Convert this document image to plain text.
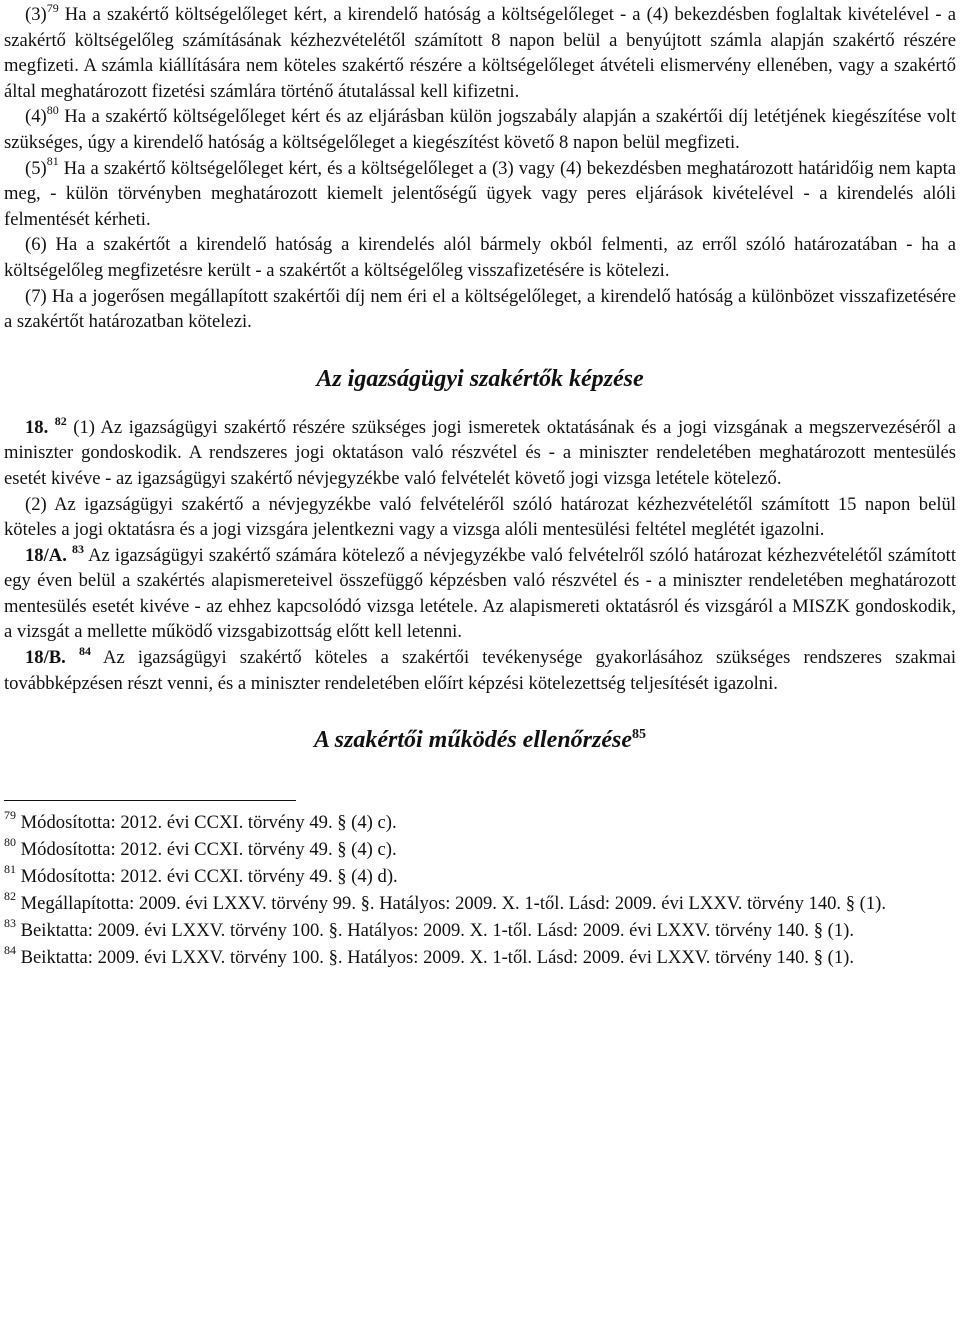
$(3)^{79}$ Ha a szakértő költségelőleget kért, a kirendelő hatóság a költségelőleget - a (4) bekezdésben foglaltak kivételével - a szakértő költségelőleg számításának kézhezvételétől számított 8 napon belül a benyújtott számla alapján szakértő részére megfizeti. A számla kiállítására nem köteles szakértő részére a költségelőleget átvételi elismervény ellenében, vagy a szakértő által meghatározott fizetési számlára történő átutalással kell kifizetni.

$(4)^{80}$ Ha a szakértő költségelőleget kért és az eljárásban külön jogszabály alapján a szakértői díj letétjének kiegészítése volt szükséges, úgy a kirendelő hatóság a költségelőleget a kiegészítést követő 8 napon belül megfizeti.

$(5)^{81}$ Ha a szakértő költségelőleget kért, és a költségelőleget a (3) vagy (4) bekezdésben meghatározott határidőig nem kapta meg, - külön törvényben meghatározott kiemelt jelentőségű ügyek vagy peres eljárások kivételével - a kirendelés alóli felmentését kérheti.

(6) Ha a szakértőt a kirendelő hatóság a kirendelés alól bármely okból felmenti, az erről szóló határozatában - ha a költségelőleg megfizetésre került - a szakértőt a költségelőleg visszafizetésére is kötelezi.

(7) Ha a jogerősen megállapított szakértői díj nem éri el a költségelőleget, a kirendelő hatóság a különbözet visszafizetésére a szakértőt határozatban kötelezi.

Az igazságügyi szakértők képzése

18. $^{82}$ (1) Az igazságügyi szakértő részére szükséges jogi ismeretek oktatásának és a jogi vizsgának a megszervezéséről a miniszter gondoskodik. A rendszeres jogi oktatáson való részvétel és - a miniszter rendeletében meghatározott mentesülés esetét kivéve - az igazságügyi szakértő névjegyzékbe való felvételét követő jogi vizsga letétele kötelező.

(2) Az igazságügyi szakértő a névjegyzékbe való felvételéről szóló határozat kézhezvételétől számított 15 napon belül köteles a jogi oktatásra és a jogi vizsgára jelentkezni vagy a vizsga alóli mentesülési feltétel meglétét igazolni.

18/A. $^{83}$ Az igazságügyi szakértő számára kötelező a névjegyzékbe való felvételről szóló határozat kézhezvételétől számított egy éven belül a szakértés alapismereteivel összefüggő képzésben való részvétel és - a miniszter rendeletében meghatározott mentesülés esetét kivéve - az ehhez kapcsolódó vizsga letétele. Az alapismereti oktatásról és vizsgáról a MISZK gondoskodik, a vizsgát a mellette működő vizsgabizottság előtt kell letenni.

18/B. $^{84}$ Az igazságügyi szakértő köteles a szakértői tevékenysége gyakorlásához szükséges rendszeres szakmai továbbképzésen részt venni, és a miniszter rendeletében előírt képzési kötelezettség teljesítését igazolni.

A szakértői működés ellenőrzése$^{85}$

$^{79}$ Módosította: 2012. évi CCXI. törvény 49. § (4) c).

$^{80}$ Módosította: 2012. évi CCXI. törvény 49. § (4) c).

$^{81}$ Módosította: 2012. évi CCXI. törvény 49. § (4) d).

$^{82}$ Megállapította: 2009. évi LXXV. törvény 99. §. Hatályos: 2009. X. 1-től. Lásd: 2009. évi LXXV. törvény 140. § (1).

$^{83}$ Beiktatta: 2009. évi LXXV. törvény 100. §. Hatályos: 2009. X. 1-től. Lásd: 2009. évi LXXV. törvény 140. § (1).

$^{84}$ Beiktatta: 2009. évi LXXV. törvény 100. §. Hatályos: 2009. X. 1-től. Lásd: 2009. évi LXXV. törvény 140. § (1).
